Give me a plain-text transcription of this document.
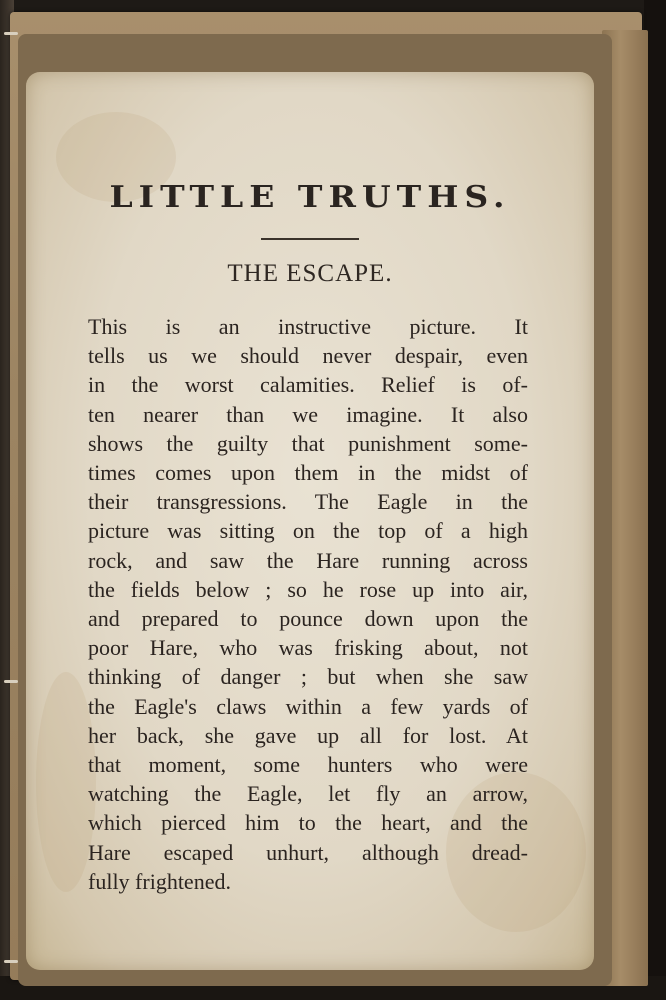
LITTLE TRUTHS.
THE ESCAPE.
This is an instructive picture. It
tells us we should never despair, even
in the worst calamities. Relief is of-
ten nearer than we imagine. It also
shows the guilty that punishment some-
times comes upon them in the midst of
their transgressions. The Eagle in the
picture was sitting on the top of a high
rock, and saw the Hare running across
the fields below ; so he rose up into air,
and prepared to pounce down upon the
poor Hare, who was frisking about, not
thinking of danger ; but when she saw
the Eagle's claws within a few yards of
her back, she gave up all for lost. At
that moment, some hunters who were
watching the Eagle, let fly an arrow,
which pierced him to the heart, and the
Hare escaped unhurt, although dread-
fully frightened.
